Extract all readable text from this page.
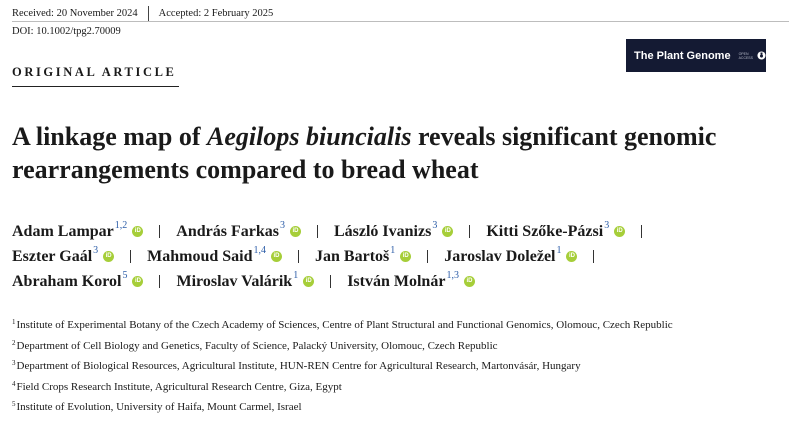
Received: 20 November 2024 Accepted: 2 February 2025
DOI: 10.1002/tpg2.70009
ORIGINAL ARTICLE
The Plant Genome OPEN ACCESS
A linkage map of Aegilops biuncialis reveals significant genomic rearrangements compared to bread wheat
Adam Lampar$^{1,2}$	iD András Farkas$^3$	iD László Ivanizs$^3$	iD Kitti Szőke-Pázsi$^3$	iD
Eszter Gaál$^3$	iD Mahmoud Said$^{1,4}$	iD Jan Bartoš$^1$	iD Jaroslav Doležel$^1$	iD
Abraham Korol$^5$	iD Miroslav Valárik$^1$	iD István Molnár$^{1,3}$	iD
$^1$Institute of Experimental Botany of the Czech Academy of Sciences, Centre of Plant Structural and Functional Genomics, Olomouc, Czech Republic
$^2$Department of Cell Biology and Genetics, Faculty of Science, Palacký University, Olomouc, Czech Republic
$^3$Department of Biological Resources, Agricultural Institute, HUN-REN Centre for Agricultural Research, Martonvásár, Hungary
$^4$Field Crops Research Institute, Agricultural Research Centre, Giza, Egypt
$^5$Institute of Evolution, University of Haifa, Mount Carmel, Israel
